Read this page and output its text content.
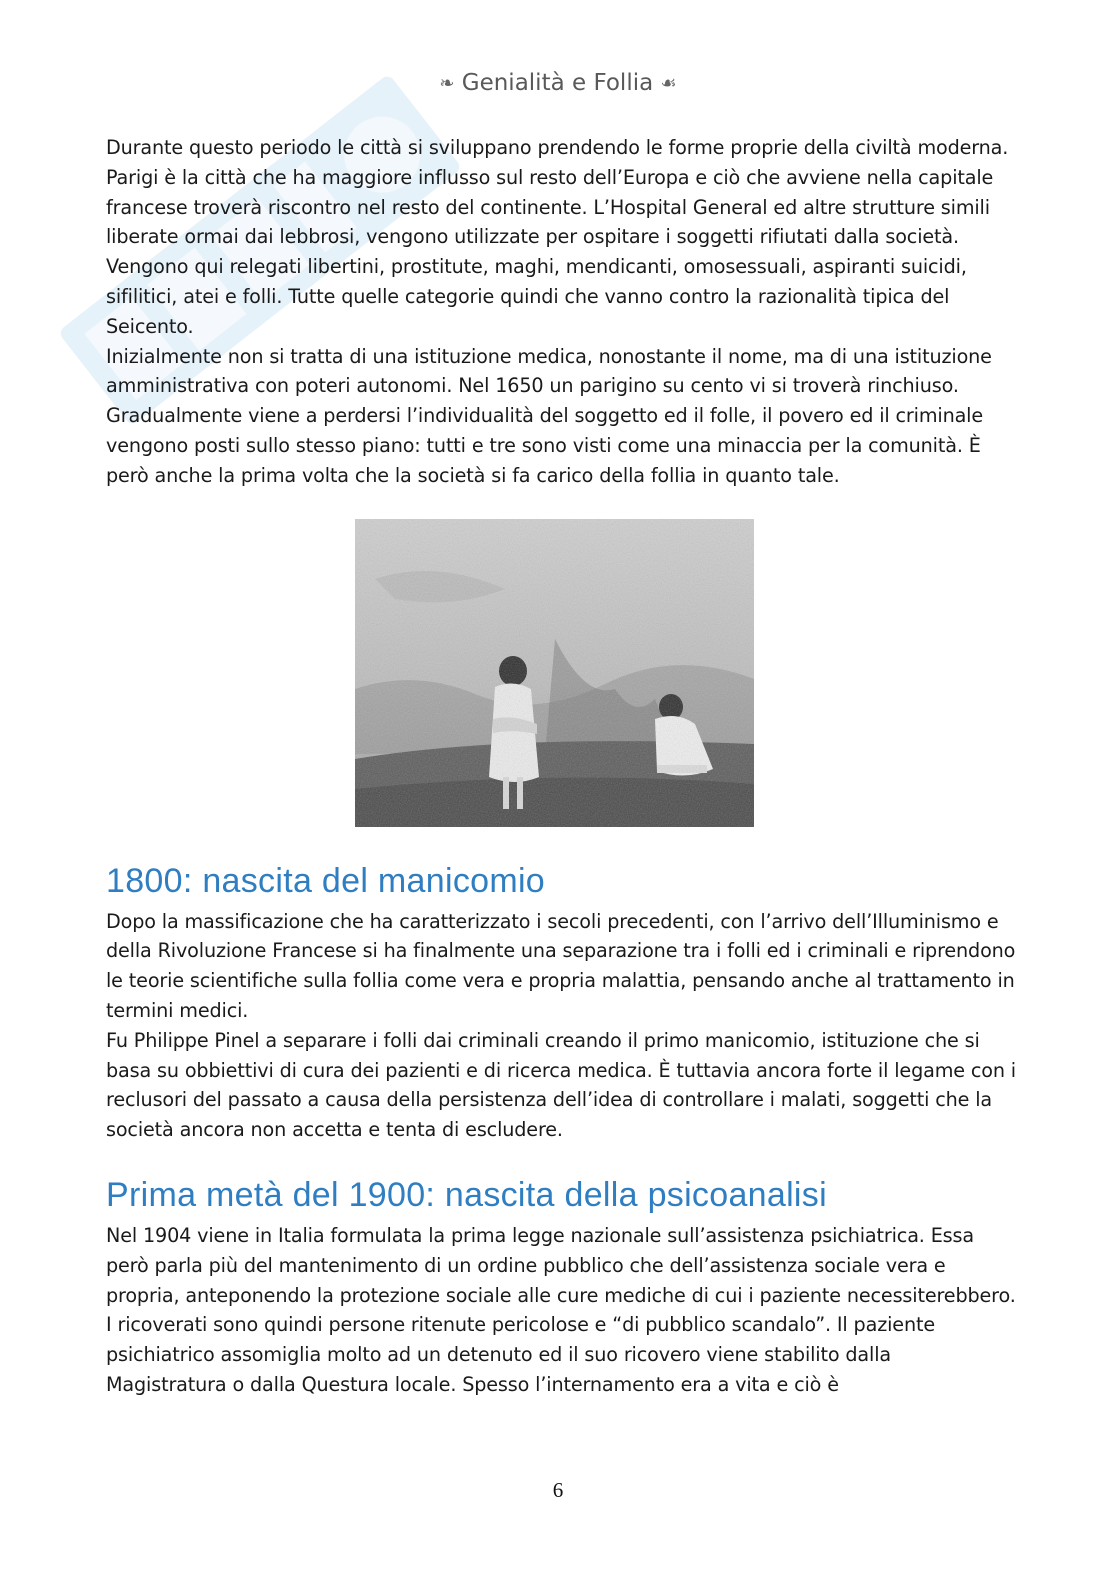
❧ Genialità e Follia ☙

Durante questo periodo le città si sviluppano prendendo le forme proprie della civiltà moderna. Parigi è la città che ha maggiore influsso sul resto dell’Europa e ciò che avviene nella capitale francese troverà riscontro nel resto del continente. L’Hospital General ed altre strutture simili liberate ormai dai lebbrosi, vengono utilizzate per ospitare i soggetti rifiutati dalla società. Vengono qui relegati libertini, prostitute, maghi, mendicanti, omosessuali, aspiranti suicidi, sifilitici, atei e folli. Tutte quelle categorie quindi che vanno contro la razionalità tipica del Seicento.

Inizialmente non si tratta di una istituzione medica, nonostante il nome, ma di una istituzione amministrativa con poteri autonomi. Nel 1650 un parigino su cento vi si troverà rinchiuso.

Gradualmente viene a perdersi l’individualità del soggetto ed il folle, il povero ed il criminale vengono posti sullo stesso piano: tutti e tre sono visti come una minaccia per la comunità. È però anche la prima volta che la società si fa carico della follia in quanto tale.

1800: nascita del manicomio

Dopo la massificazione che ha caratterizzato i secoli precedenti, con l’arrivo dell’Illuminismo e della Rivoluzione Francese si ha finalmente una separazione tra i folli ed i criminali e riprendono le teorie scientifiche sulla follia come vera e propria malattia, pensando anche al trattamento in termini medici.

Fu Philippe Pinel a separare i folli dai criminali creando il primo manicomio, istituzione che si basa su obbiettivi di cura dei pazienti e di ricerca medica. È tuttavia ancora forte il legame con i reclusori del passato a causa della persistenza dell’idea di controllare i malati, soggetti che la società ancora non accetta e tenta di escludere.

Prima metà del 1900: nascita della psicoanalisi

Nel 1904 viene in Italia formulata la prima legge nazionale sull’assistenza psichiatrica. Essa però parla più del mantenimento di un ordine pubblico che dell’assistenza sociale vera e propria, anteponendo la protezione sociale alle cure mediche di cui i paziente necessiterebbero. I ricoverati sono quindi persone ritenute pericolose e “di pubblico scandalo”. Il paziente psichiatrico assomiglia molto ad un detenuto ed il suo ricovero viene stabilito dalla Magistratura o dalla Questura locale. Spesso l’internamento era a vita e ciò è

6
